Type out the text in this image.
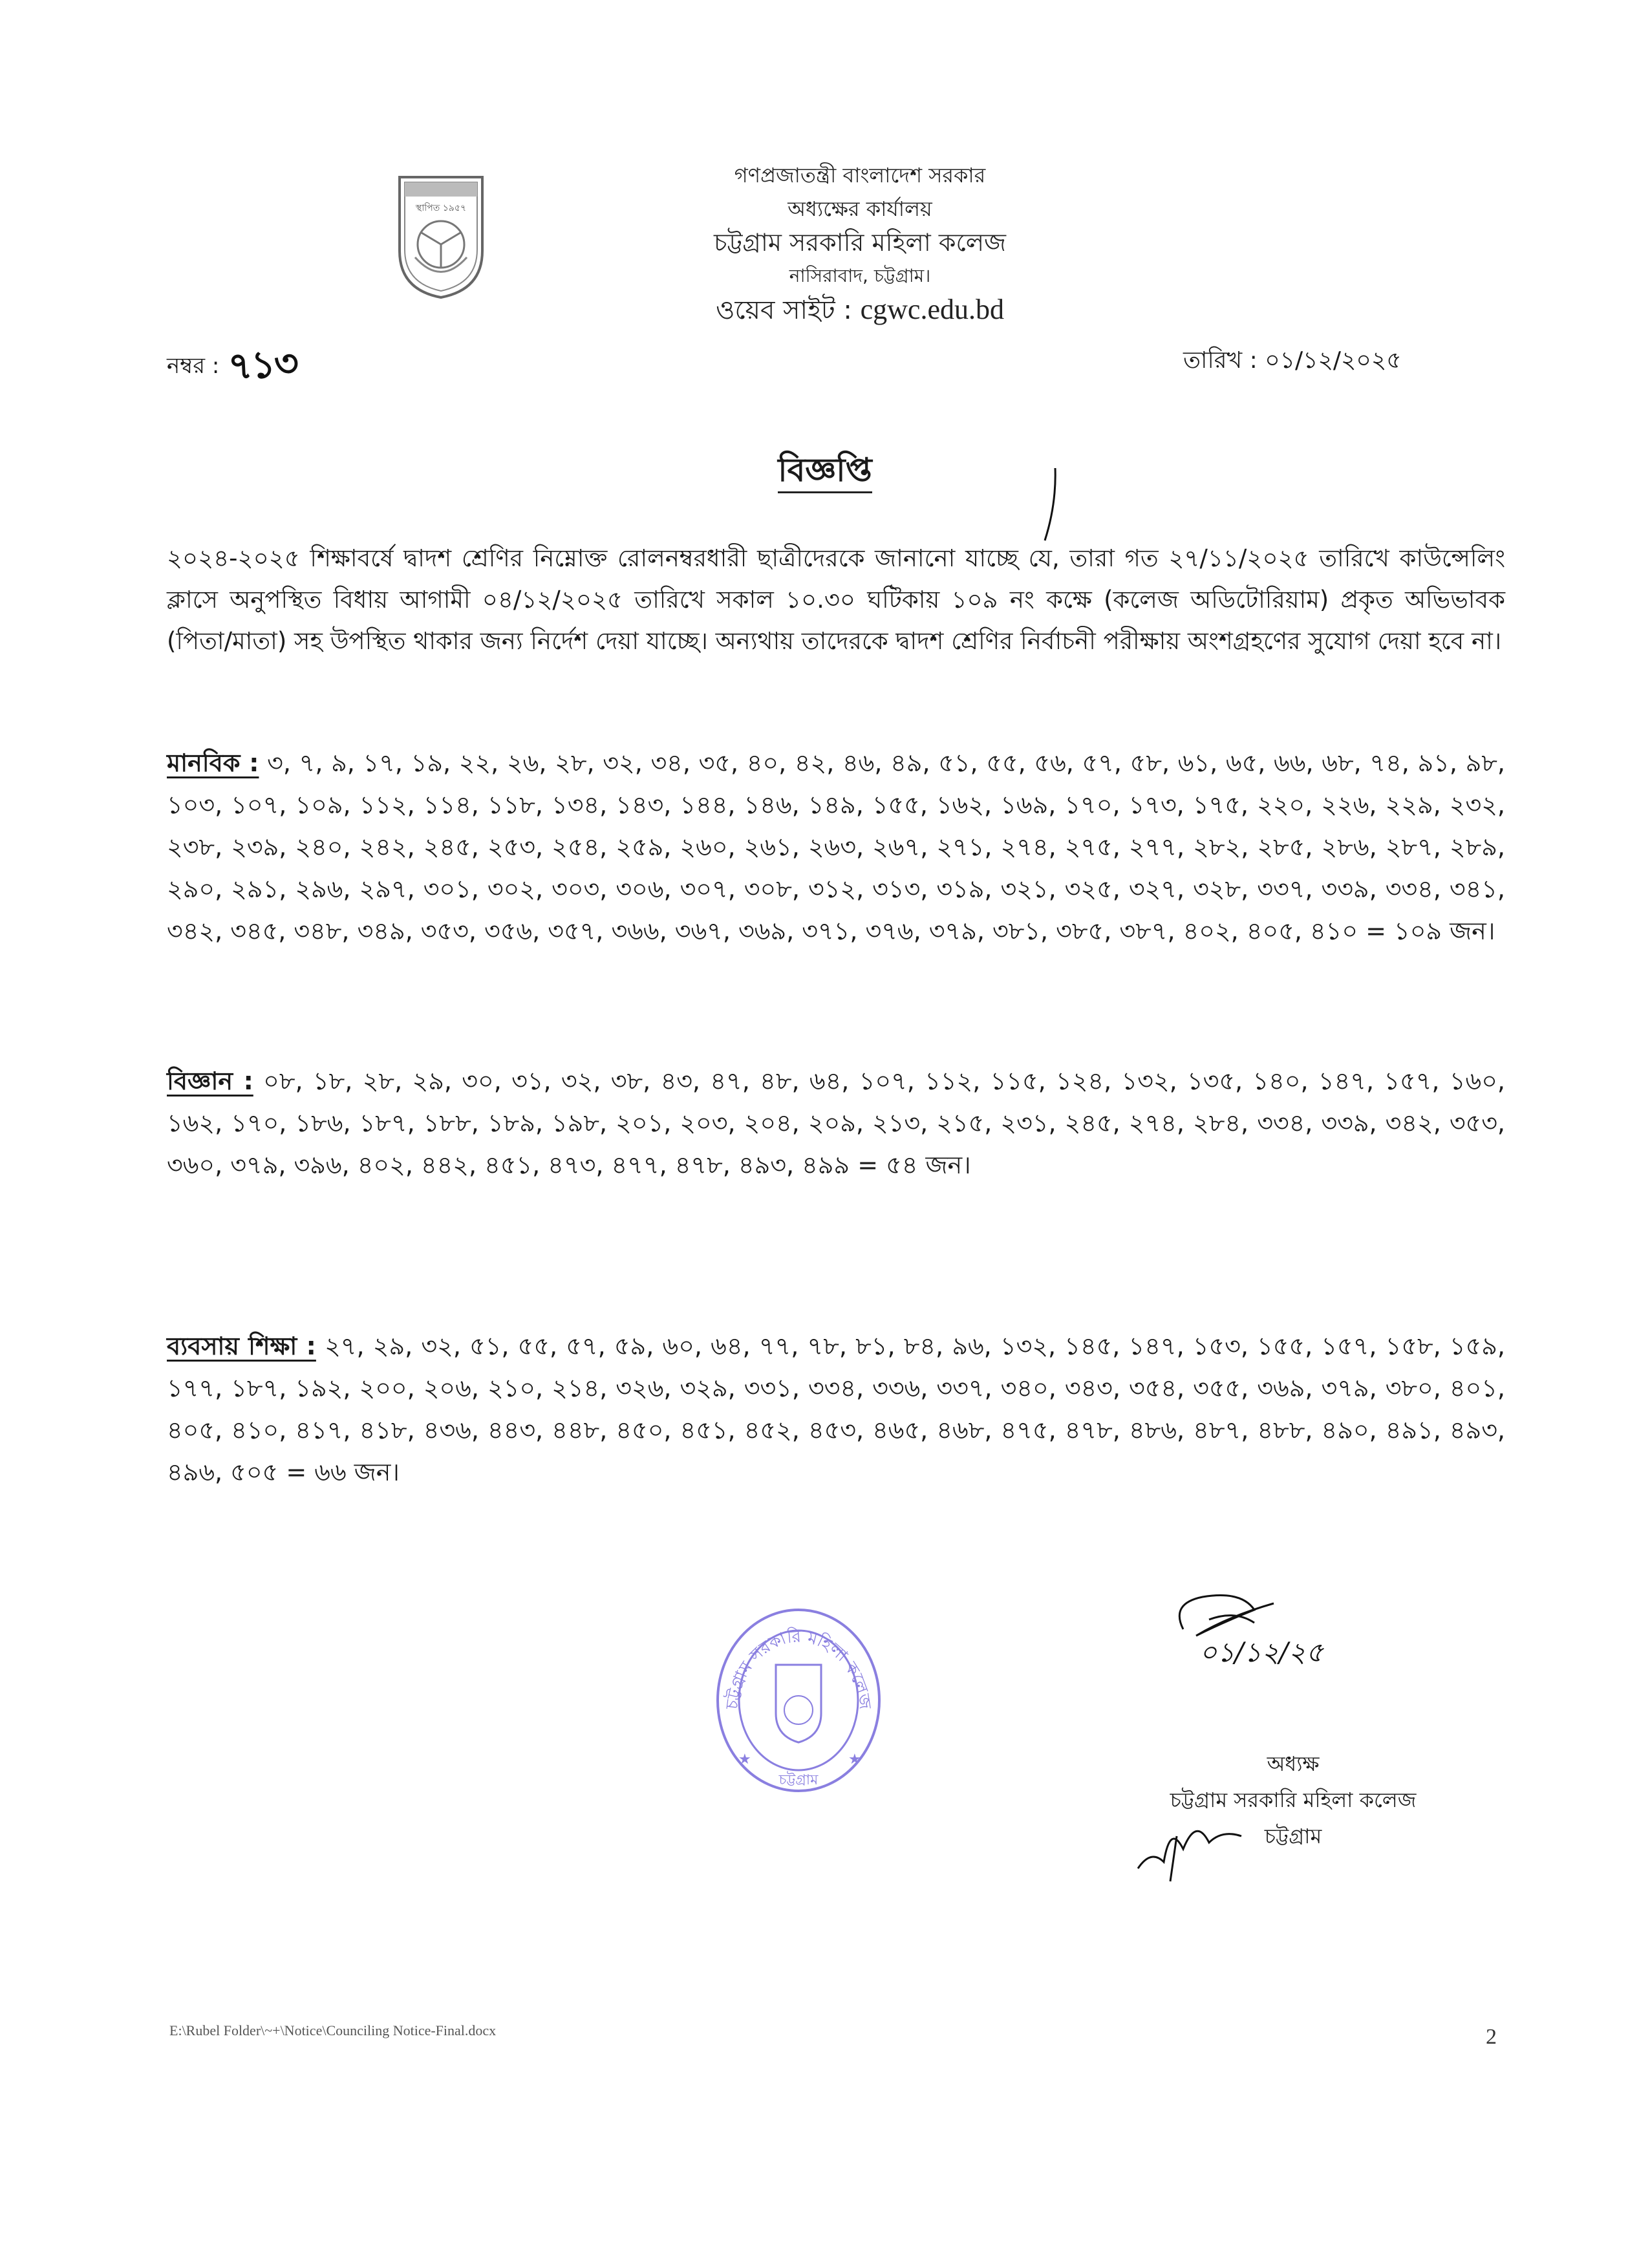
স্থাপিত ১৯৫৭
গণপ্রজাতন্ত্রী বাংলাদেশ সরকার
অধ্যক্ষের কার্যালয়
চট্টগ্রাম সরকারি মহিলা কলেজ
নাসিরাবাদ, চট্টগ্রাম।
ওয়েব সাইট : cgwc.edu.bd
নম্বর : ৭১৩	তারিখ : ০১/১২/২০২৫
বিজ্ঞপ্তি
২০২৪-২০২৫ শিক্ষাবর্ষে দ্বাদশ শ্রেণির নিম্নোক্ত রোলনম্বরধারী ছাত্রীদেরকে জানানো যাচ্ছে যে, তারা গত ২৭/১১/২০২৫ তারিখে কাউন্সেলিং ক্লাসে অনুপস্থিত বিধায় আগামী ০৪/১২/২০২৫ তারিখে সকাল ১০.৩০ ঘটিকায় ১০৯ নং কক্ষে (কলেজ অডিটোরিয়াম) প্রকৃত অভিভাবক (পিতা/মাতা) সহ উপস্থিত থাকার জন্য নির্দেশ দেয়া যাচ্ছে। অন্যথায় তাদেরকে দ্বাদশ শ্রেণির নির্বাচনী পরীক্ষায় অংশগ্রহণের সুযোগ দেয়া হবে না।
মানবিক : ৩, ৭, ৯, ১৭, ১৯, ২২, ২৬, ২৮, ৩২, ৩৪, ৩৫, ৪০, ৪২, ৪৬, ৪৯, ৫১, ৫৫, ৫৬, ৫৭, ৫৮, ৬১, ৬৫, ৬৬, ৬৮, ৭৪, ৯১, ৯৮, ১০৩, ১০৭, ১০৯, ১১২, ১১৪, ১১৮, ১৩৪, ১৪৩, ১৪৪, ১৪৬, ১৪৯, ১৫৫, ১৬২, ১৬৯, ১৭০, ১৭৩, ১৭৫, ২২০, ২২৬, ২২৯, ২৩২, ২৩৮, ২৩৯, ২৪০, ২৪২, ২৪৫, ২৫৩, ২৫৪, ২৫৯, ২৬০, ২৬১, ২৬৩, ২৬৭, ২৭১, ২৭৪, ২৭৫, ২৭৭, ২৮২, ২৮৫, ২৮৬, ২৮৭, ২৮৯, ২৯০, ২৯১, ২৯৬, ২৯৭, ৩০১, ৩০২, ৩০৩, ৩০৬, ৩০৭, ৩০৮, ৩১২, ৩১৩, ৩১৯, ৩২১, ৩২৫, ৩২৭, ৩২৮, ৩৩৭, ৩৩৯, ৩৩৪, ৩৪১, ৩৪২, ৩৪৫, ৩৪৮, ৩৪৯, ৩৫৩, ৩৫৬, ৩৫৭, ৩৬৬, ৩৬৭, ৩৬৯, ৩৭১, ৩৭৬, ৩৭৯, ৩৮১, ৩৮৫, ৩৮৭, ৪০২, ৪০৫, ৪১০ = ১০৯ জন।
বিজ্ঞান : ০৮, ১৮, ২৮, ২৯, ৩০, ৩১, ৩২, ৩৮, ৪৩, ৪৭, ৪৮, ৬৪, ১০৭, ১১২, ১১৫, ১২৪, ১৩২, ১৩৫, ১৪০, ১৪৭, ১৫৭, ১৬০, ১৬২, ১৭০, ১৮৬, ১৮৭, ১৮৮, ১৮৯, ১৯৮, ২০১, ২০৩, ২০৪, ২০৯, ২১৩, ২১৫, ২৩১, ২৪৫, ২৭৪, ২৮৪, ৩৩৪, ৩৩৯, ৩৪২, ৩৫৩, ৩৬০, ৩৭৯, ৩৯৬, ৪০২, ৪৪২, ৪৫১, ৪৭৩, ৪৭৭, ৪৭৮, ৪৯৩, ৪৯৯ = ৫৪ জন।
ব্যবসায় শিক্ষা : ২৭, ২৯, ৩২, ৫১, ৫৫, ৫৭, ৫৯, ৬০, ৬৪, ৭৭, ৭৮, ৮১, ৮৪, ৯৬, ১৩২, ১৪৫, ১৪৭, ১৫৩, ১৫৫, ১৫৭, ১৫৮, ১৫৯, ১৭৭, ১৮৭, ১৯২, ২০০, ২০৬, ২১০, ২১৪, ৩২৬, ৩২৯, ৩৩১, ৩৩৪, ৩৩৬, ৩৩৭, ৩৪০, ৩৪৩, ৩৫৪, ৩৫৫, ৩৬৯, ৩৭৯, ৩৮০, ৪০১, ৪০৫, ৪১০, ৪১৭, ৪১৮, ৪৩৬, ৪৪৩, ৪৪৮, ৪৫০, ৪৫১, ৪৫২, ৪৫৩, ৪৬৫, ৪৬৮, ৪৭৫, ৪৭৮, ৪৮৬, ৪৮৭, ৪৮৮, ৪৯০, ৪৯১, ৪৯৩, ৪৯৬, ৫০৫ = ৬৬ জন।
চট্টগ্রাম সরকারি মহিলা কলেজ
চট্টগ্রাম
★	★
০১/১২/২৫
অধ্যক্ষ
চট্টগ্রাম সরকারি মহিলা কলেজ
চট্টগ্রাম
E:\Rubel Folder\~+\Notice\Counciling Notice-Final.docx	2
